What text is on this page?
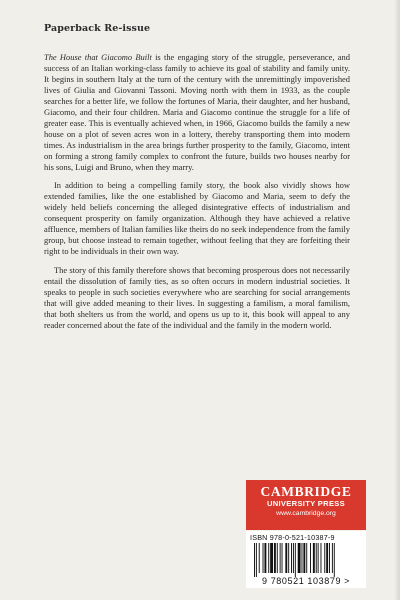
Paperback Re-issue

The House that Giacomo Built is the engaging story of the struggle, perseverance, and success of an Italian working-class family to achieve its goal of stability and family unity. It begins in southern Italy at the turn of the century with the unremittingly impoverished lives of Giulia and Giovanni Tassoni. Moving north with them in 1933, as the couple searches for a better life, we follow the fortunes of Maria, their daughter, and her husband, Giacomo, and their four children. Maria and Giacomo continue the struggle for a life of greater ease. This is eventually achieved when, in 1966, Giacomo builds the family a new house on a plot of seven acres won in a lottery, thereby transporting them into modern times. As industrialism in the area brings further prosperity to the family, Giacomo, intent on forming a strong family complex to confront the future, builds two houses nearby for his sons, Luigi and Bruno, when they marry.

In addition to being a compelling family story, the book also vividly shows how extended families, like the one established by Giacomo and Maria, seem to defy the widely held beliefs concerning the alleged disintegrative effects of industrialism and consequent prosperity on family organization. Although they have achieved a relative affluence, members of Italian families like theirs do no seek independence from the family group, but choose instead to remain together, without feeling that they are forfeiting their right to be individuals in their own way.

The story of this family therefore shows that becoming prosperous does not necessarily entail the dissolution of family ties, as so often occurs in modern industrial societies. It speaks to people in such societies everywhere who are searching for social arrangements that will give added meaning to their lives. In suggesting a familism, a moral familism, that both shelters us from the world, and opens us up to it, this book will appeal to any reader concerned about the fate of the individual and the family in the modern world.

CAMBRIDGE
UNIVERSITY PRESS
www.cambridge.org
ISBN 978-0-521-10387-9
9 780521 103879 >
